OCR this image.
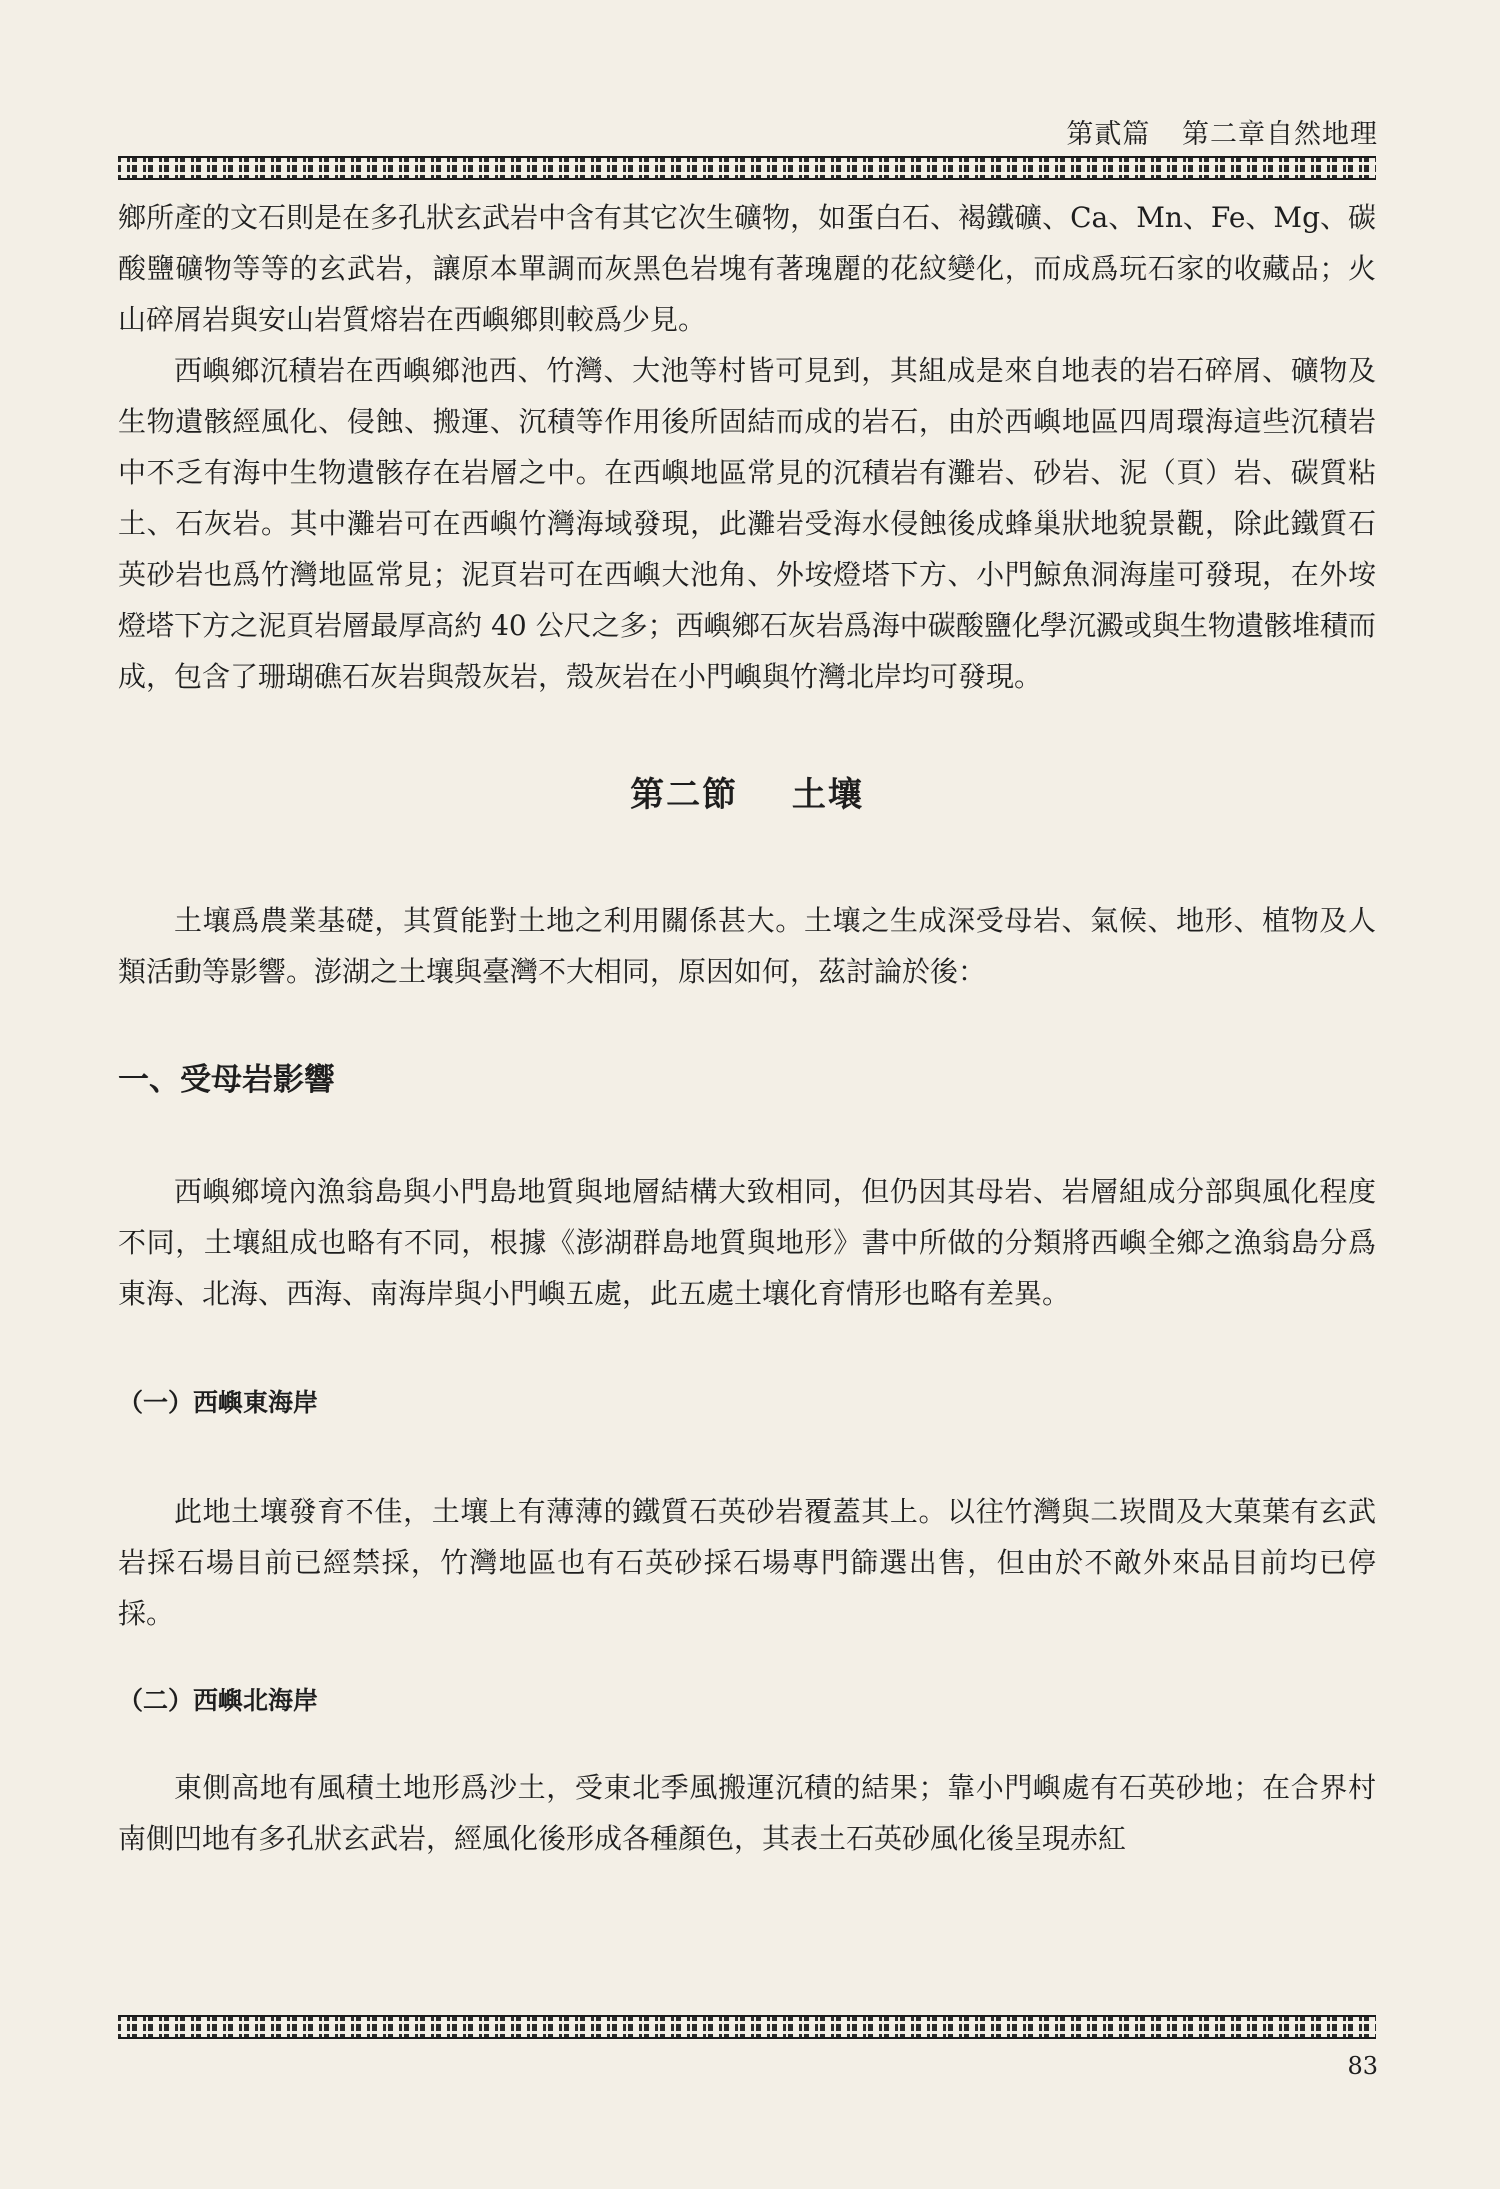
第貳篇 第二章自然地理

鄉所產的文石則是在多孔狀玄武岩中含有其它次生礦物，如蛋白石、褐鐵礦、Ca、Mn、Fe、Mg、碳酸鹽礦物等等的玄武岩，讓原本單調而灰黑色岩塊有著瑰麗的花紋變化，而成爲玩石家的收藏品；火山碎屑岩與安山岩質熔岩在西嶼鄉則較爲少見。

西嶼鄉沉積岩在西嶼鄉池西、竹灣、大池等村皆可見到，其組成是來自地表的岩石碎屑、礦物及生物遺骸經風化、侵蝕、搬運、沉積等作用後所固結而成的岩石，由於西嶼地區四周環海這些沉積岩中不乏有海中生物遺骸存在岩層之中。在西嶼地區常見的沉積岩有灘岩、砂岩、泥（頁）岩、碳質粘土、石灰岩。其中灘岩可在西嶼竹灣海域發現，此灘岩受海水侵蝕後成蜂巢狀地貌景觀，除此鐵質石英砂岩也爲竹灣地區常見；泥頁岩可在西嶼大池角、外垵燈塔下方、小門鯨魚洞海崖可發現，在外垵燈塔下方之泥頁岩層最厚高約 40 公尺之多；西嶼鄉石灰岩爲海中碳酸鹽化學沉澱或與生物遺骸堆積而成，包含了珊瑚礁石灰岩與殼灰岩，殼灰岩在小門嶼與竹灣北岸均可發現。

第二節 土壤

土壤爲農業基礎，其質能對土地之利用關係甚大。土壤之生成深受母岩、氣候、地形、植物及人類活動等影響。澎湖之土壤與臺灣不大相同，原因如何，茲討論於後：

一、受母岩影響

西嶼鄉境內漁翁島與小門島地質與地層結構大致相同，但仍因其母岩、岩層組成分部與風化程度不同，土壤組成也略有不同，根據《澎湖群島地質與地形》書中所做的分類將西嶼全鄉之漁翁島分爲東海、北海、西海、南海岸與小門嶼五處，此五處土壤化育情形也略有差異。

（一）西嶼東海岸

此地土壤發育不佳，土壤上有薄薄的鐵質石英砂岩覆蓋其上。以往竹灣與二崁間及大菓葉有玄武岩採石場目前已經禁採，竹灣地區也有石英砂採石場專門篩選出售，但由於不敵外來品目前均已停採。

（二）西嶼北海岸

東側高地有風積土地形爲沙土，受東北季風搬運沉積的結果；靠小門嶼處有石英砂地；在合界村南側凹地有多孔狀玄武岩，經風化後形成各種顏色，其表土石英砂風化後呈現赤紅

83
